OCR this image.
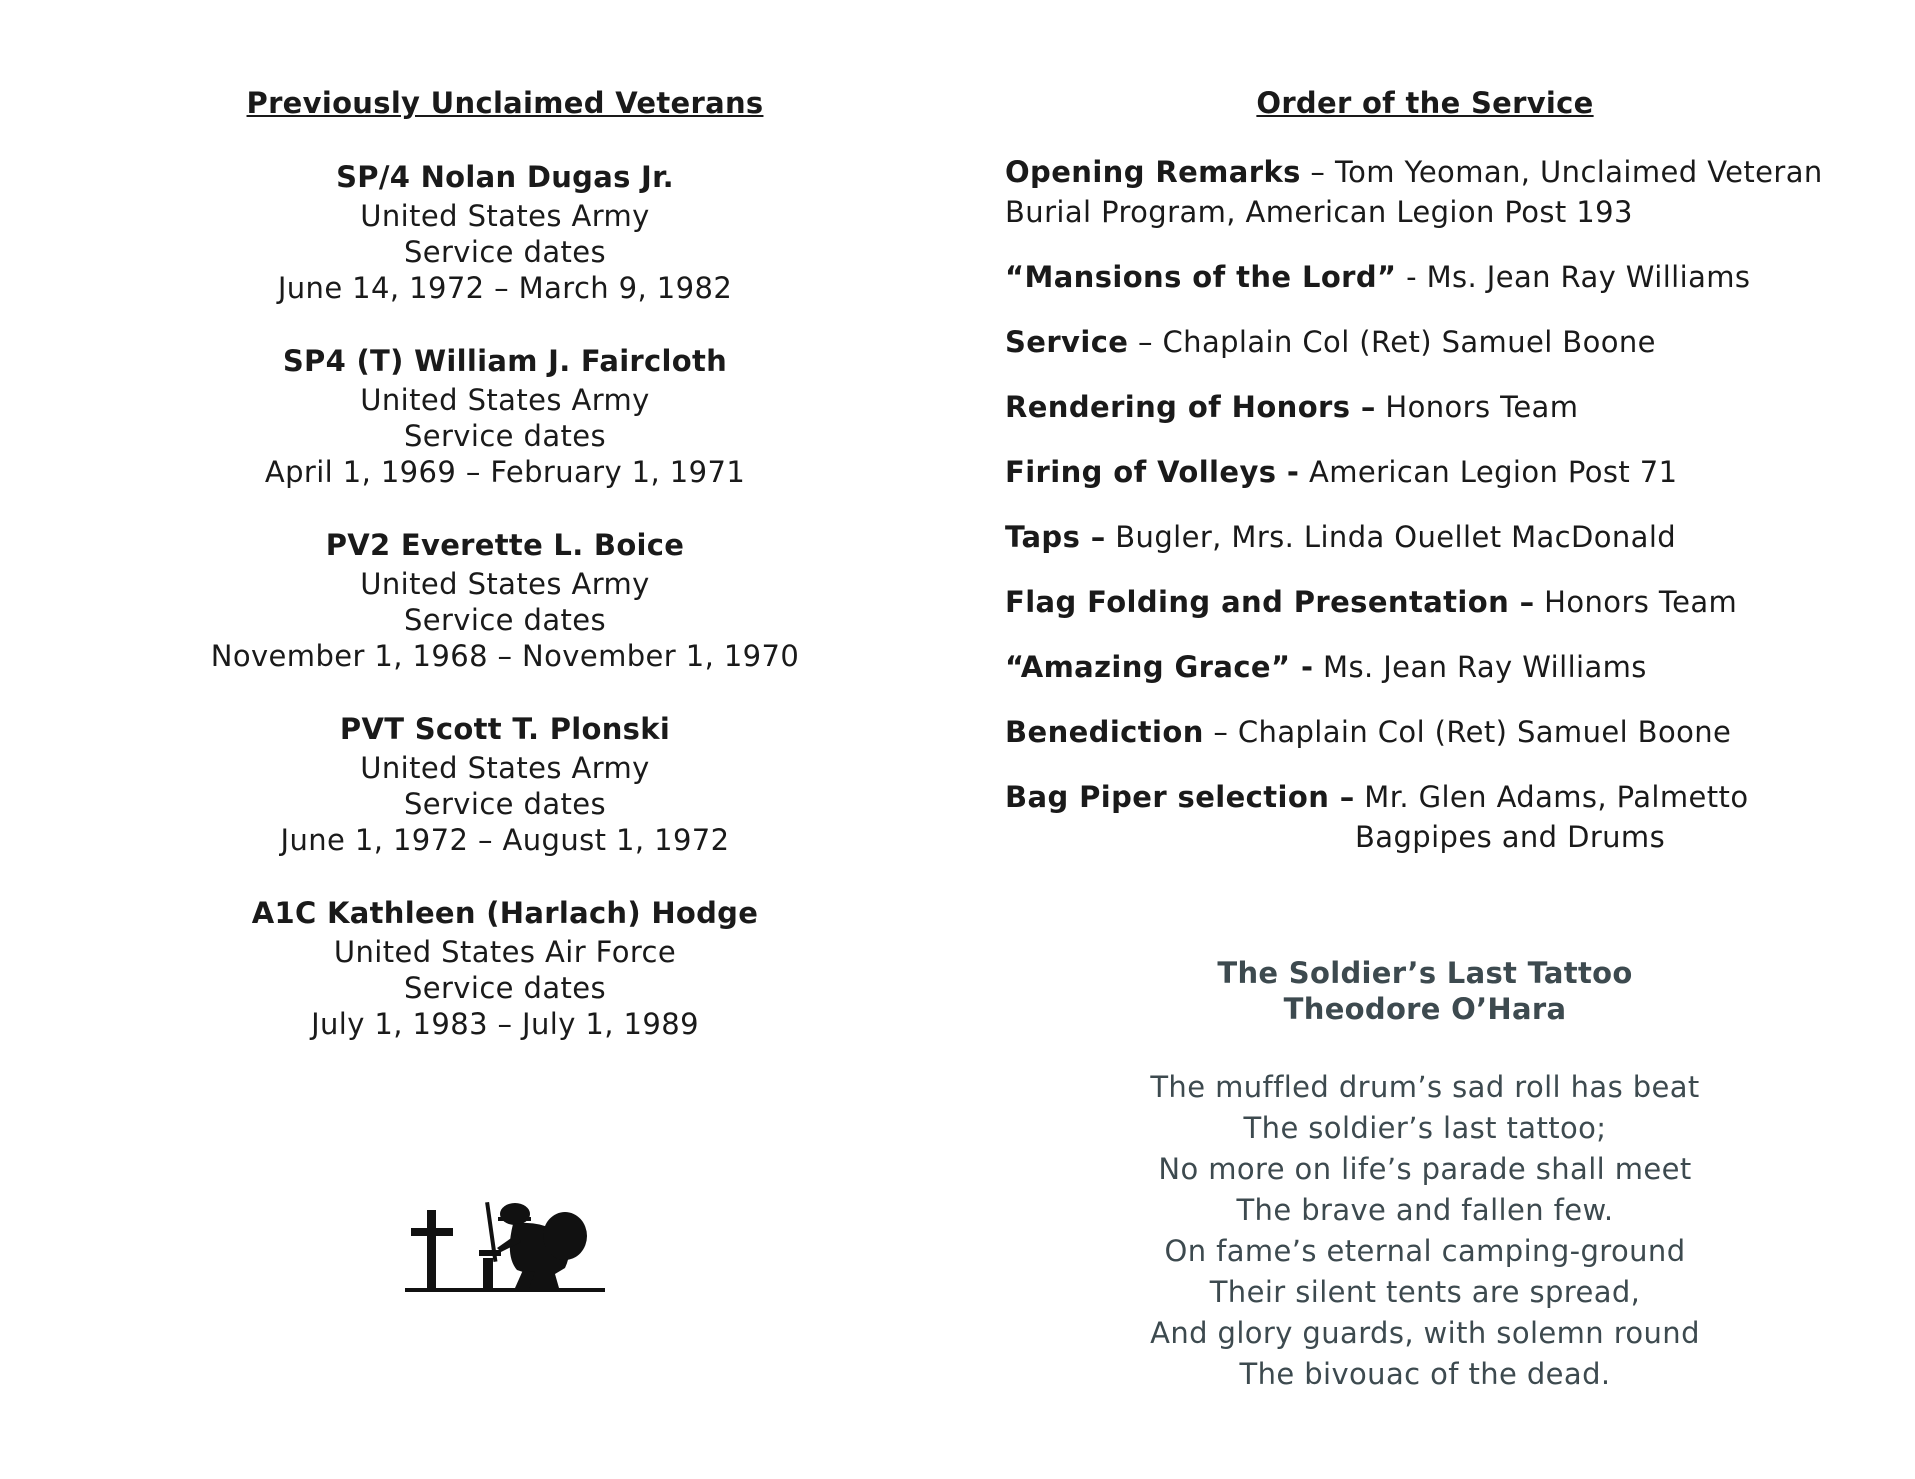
Previously Unclaimed Veterans
SP/4 Nolan Dugas Jr.
United States Army
Service dates
June 14, 1972 – March 9, 1982
SP4 (T) William J. Faircloth
United States Army
Service dates
April 1, 1969 – February 1, 1971
PV2 Everette L. Boice
United States Army
Service dates
November 1, 1968 – November 1, 1970
PVT Scott T. Plonski
United States Army
Service dates
June 1, 1972 – August 1, 1972
A1C Kathleen (Harlach) Hodge
United States Air Force
Service dates
July 1, 1983 – July 1, 1989
Order of the Service
Opening Remarks – Tom Yeoman, Unclaimed Veteran Burial Program, American Legion Post 193
“Mansions of the Lord” - Ms. Jean Ray Williams
Service – Chaplain Col (Ret) Samuel Boone
Rendering of Honors – Honors Team
Firing of Volleys - American Legion Post 71
Taps – Bugler, Mrs. Linda Ouellet MacDonald
Flag Folding and Presentation – Honors Team
“Amazing Grace” - Ms. Jean Ray Williams
Benediction – Chaplain Col (Ret) Samuel Boone
Bag Piper selection – Mr. Glen Adams, Palmetto
Bagpipes and Drums
The Soldier’s Last Tattoo
Theodore O’Hara
The muffled drum’s sad roll has beat
The soldier’s last tattoo;
No more on life’s parade shall meet
The brave and fallen few.
On fame’s eternal camping-ground
Their silent tents are spread,
And glory guards, with solemn round
The bivouac of the dead.
